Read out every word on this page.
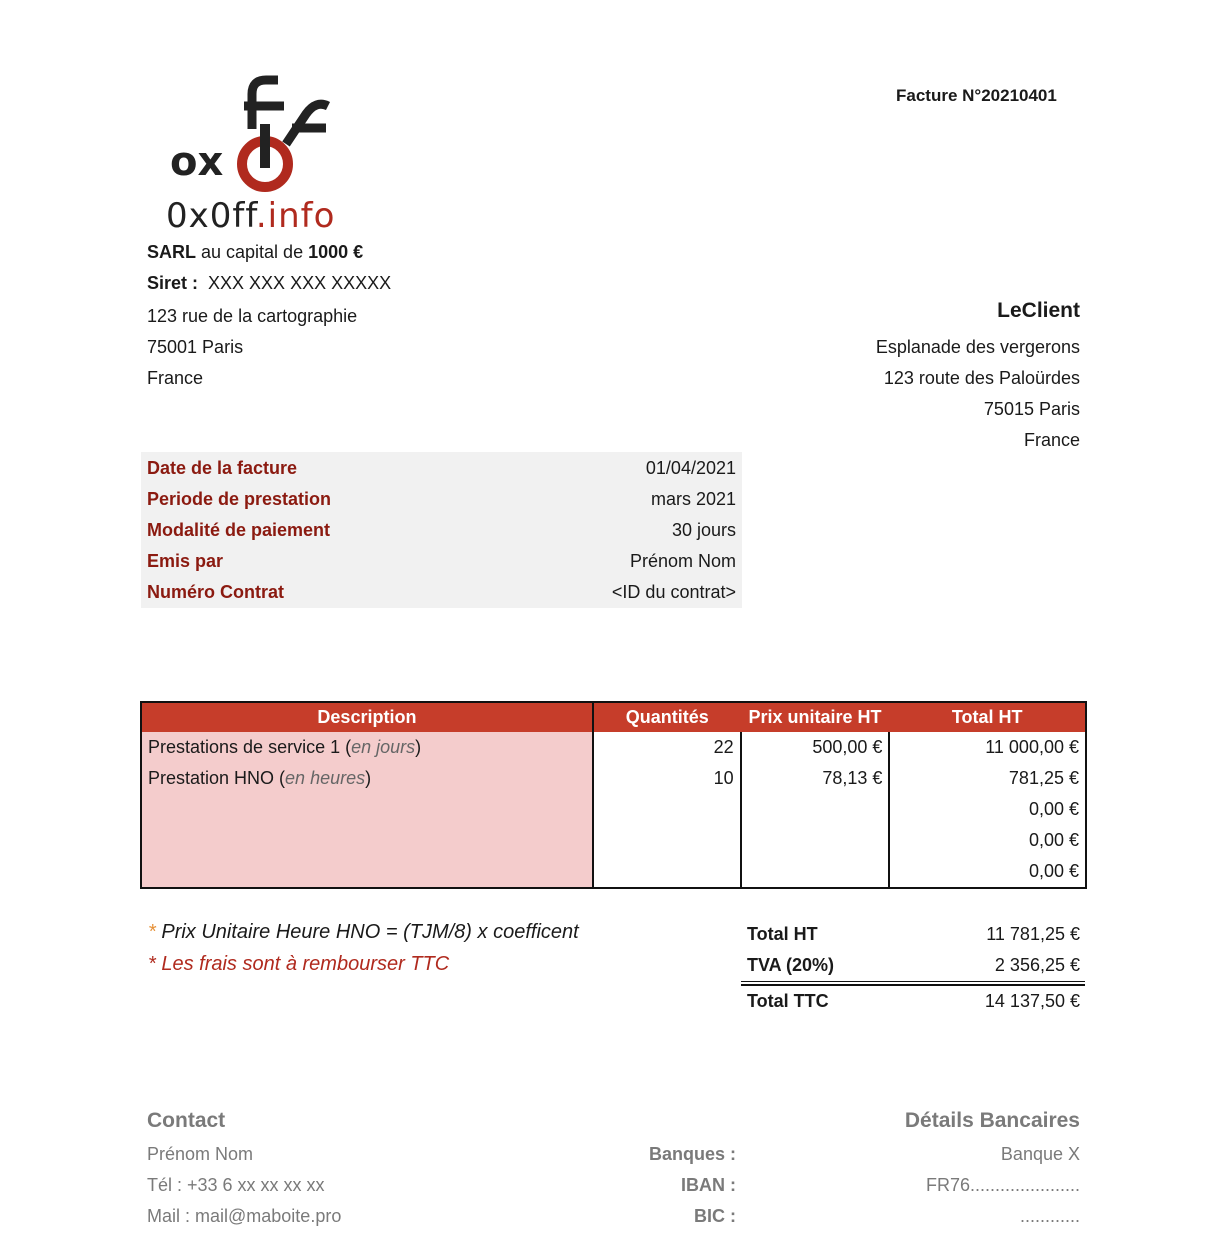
Facture N°20210401
ox
0x0ff.info
SARL au capital de 1000 €
Siret : XXX XXX XXX XXXXX
123 rue de la cartographie
75001 Paris
France
LeClient
Esplanade des vergerons
123 route des Paloürdes
75015 Paris
France
Date de la facture	01/04/2021
Periode de prestation	mars 2021
Modalité de paiement	30 jours
Emis par	Prénom Nom
Numéro Contrat	<ID du contrat>
Description	Quantités	Prix unitaire HT	Total HT
Prestations de service 1 (en jours)	22	500,00 €	11 000,00 €
Prestation HNO (en heures)	10	78,13 €	781,25 €
			0,00 €
			0,00 €
			0,00 €
* Prix Unitaire Heure HNO = (TJM/8) x coefficent
* Les frais sont à rembourser TTC
Total HT	11 781,25 €
TVA (20%)	2 356,25 €
Total TTC	14 137,50 €
Contact
Prénom Nom
Tél : +33 6 xx xx xx xx
Mail : mail@maboite.pro
Détails Bancaires
Banques :	Banque X
IBAN :	FR76......................
BIC :	............
